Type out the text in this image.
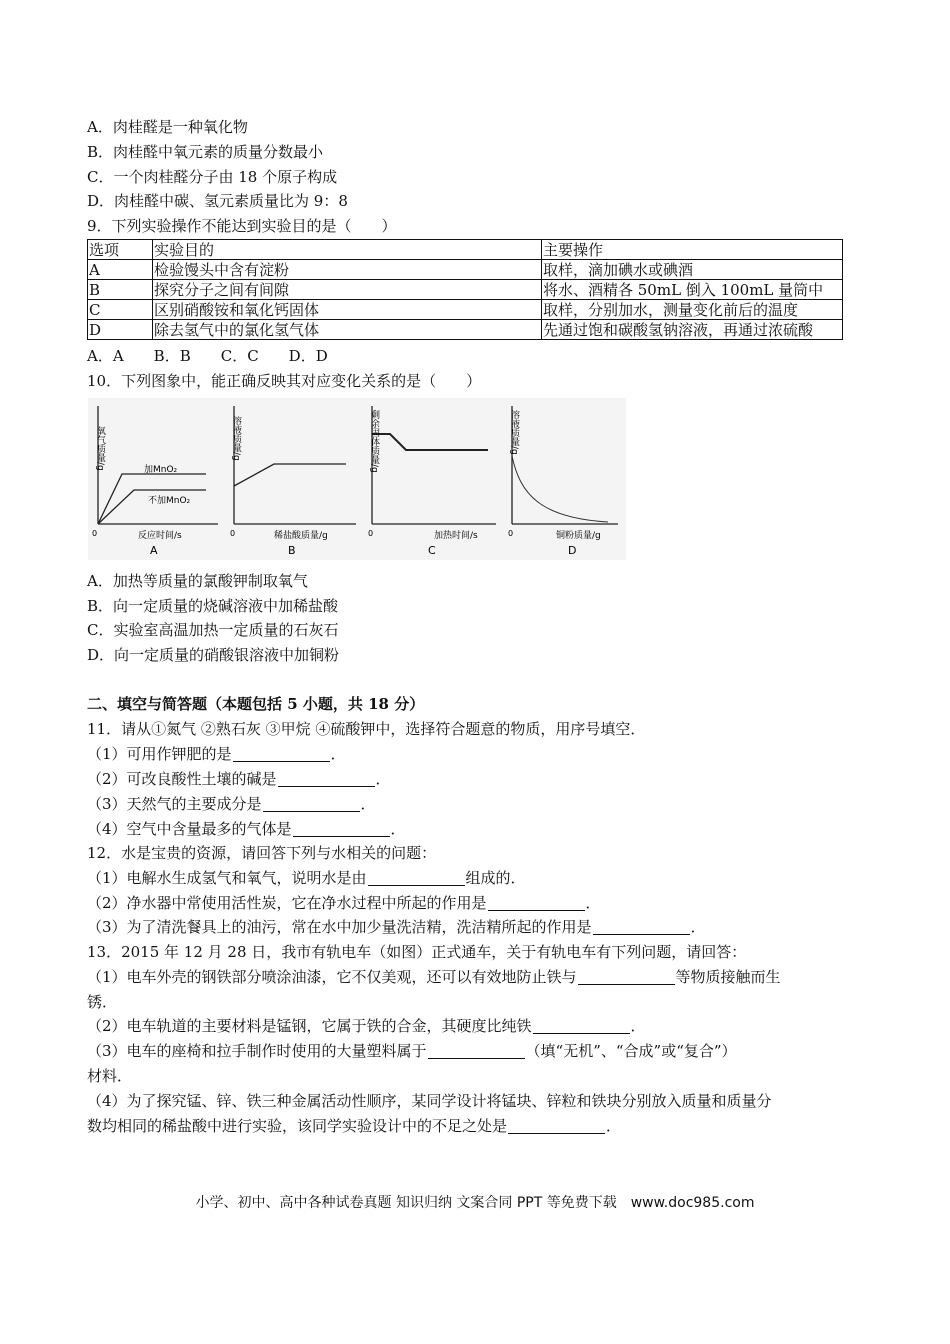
A．肉桂醛是一种氧化物
B．肉桂醛中氧元素的质量分数最小
C．一个肉桂醛分子由 18 个原子构成
D．肉桂醛中碳、氢元素质量比为 9：8
9．下列实验操作不能达到实验目的是（　　）
选项	实验目的	主要操作
A	检验馒头中含有淀粉	取样，滴加碘水或碘酒
B	探究分子之间有间隙	将水、酒精各 50mL 倒入 100mL 量筒中
C	区别硝酸铵和氧化钙固体	取样，分别加水，测量变化前后的温度
D	除去氢气中的氯化氢气体	先通过饱和碳酸氢钠溶液，再通过浓硫酸
A．A　　B．B　　C．C　　D．D
10．下列图象中，能正确反映其对应变化关系的是（　　）
氧气质量/g	加MnO₂
不加MnO₂
0	反应时间/s
A
溶液质量/g
0	稀盐酸质量/g
B
剩余固体质量/g
0	加热时间/s
C
溶液质量/g
0	铜粉质量/g
D
A．加热等质量的氯酸钾制取氧气
B．向一定质量的烧碱溶液中加稀盐酸
C．实验室高温加热一定质量的石灰石
D．向一定质量的硝酸银溶液中加铜粉
二、填空与简答题（本题包括 5 小题，共 18 分）
11．请从①氮气 ②熟石灰 ③甲烷 ④硫酸钾中，选择符合题意的物质，用序号填空．
（1）可用作钾肥的是	．
（2）可改良酸性土壤的碱是	．
（3）天然气的主要成分是	．
（4）空气中含量最多的气体是	．
12．水是宝贵的资源，请回答下列与水相关的问题：
（1）电解水生成氢气和氧气，说明水是由	组成的．
（2）净水器中常使用活性炭，它在净水过程中所起的作用是	．
（3）为了清洗餐具上的油污，常在水中加少量洗洁精，洗洁精所起的作用是	．
13．2015 年 12 月 28 日，我市有轨电车（如图）正式通车，关于有轨电车有下列问题，请回答：
（1）电车外壳的钢铁部分喷涂油漆，它不仅美观，还可以有效地防止铁与	等物质接触而生
锈．
（2）电车轨道的主要材料是锰钢，它属于铁的合金，其硬度比纯铁	．
（3）电车的座椅和拉手制作时使用的大量塑料属于	（填“无机”、“合成”或“复合”）
材料．
（4）为了探究锰、锌、铁三种金属活动性顺序，某同学设计将锰块、锌粒和铁块分别放入质量和质量分
数均相同的稀盐酸中进行实验，该同学实验设计中的不足之处是	．
小学、初中、高中各种试卷真题 知识归纳 文案合同 PPT 等免费下载　www.doc985.com
